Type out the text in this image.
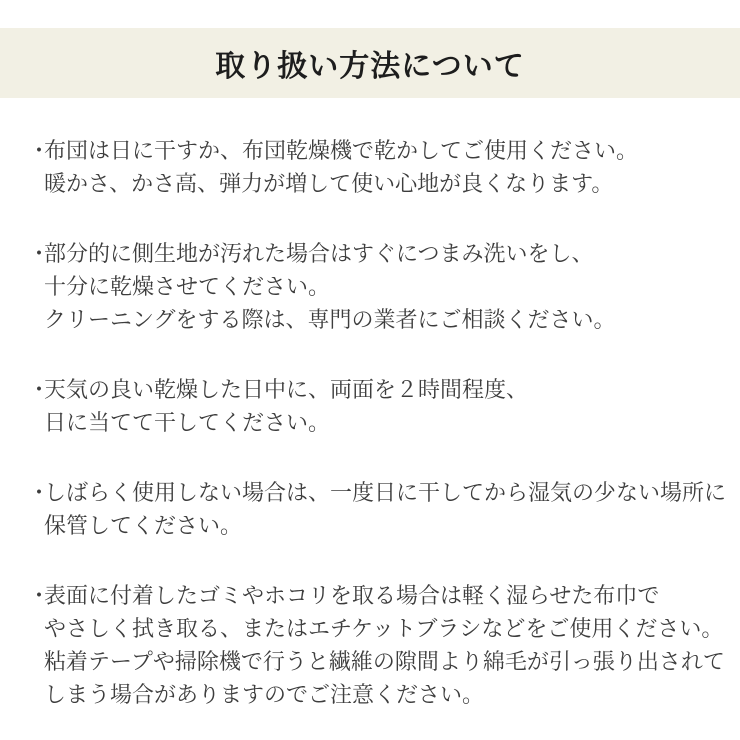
取り扱い方法について
・
布団は日に干すか、布団乾燥機で乾かしてご使用ください。
暖かさ、かさ高、弾力が増して使い心地が良くなります。
・
部分的に側生地が汚れた場合はすぐにつまみ洗いをし、
十分に乾燥させてください。
クリーニングをする際は、専門の業者にご相談ください。
・
天気の良い乾燥した日中に、両面を２時間程度、
日に当てて干してください。
・
しばらく使用しない場合は、一度日に干してから湿気の少ない場所に
保管してください。
・
表面に付着したゴミやホコリを取る場合は軽く湿らせた布巾で
やさしく拭き取る、またはエチケットブラシなどをご使用ください。
粘着テープや掃除機で行うと繊維の隙間より綿毛が引っ張り出されて
しまう場合がありますのでご注意ください。
